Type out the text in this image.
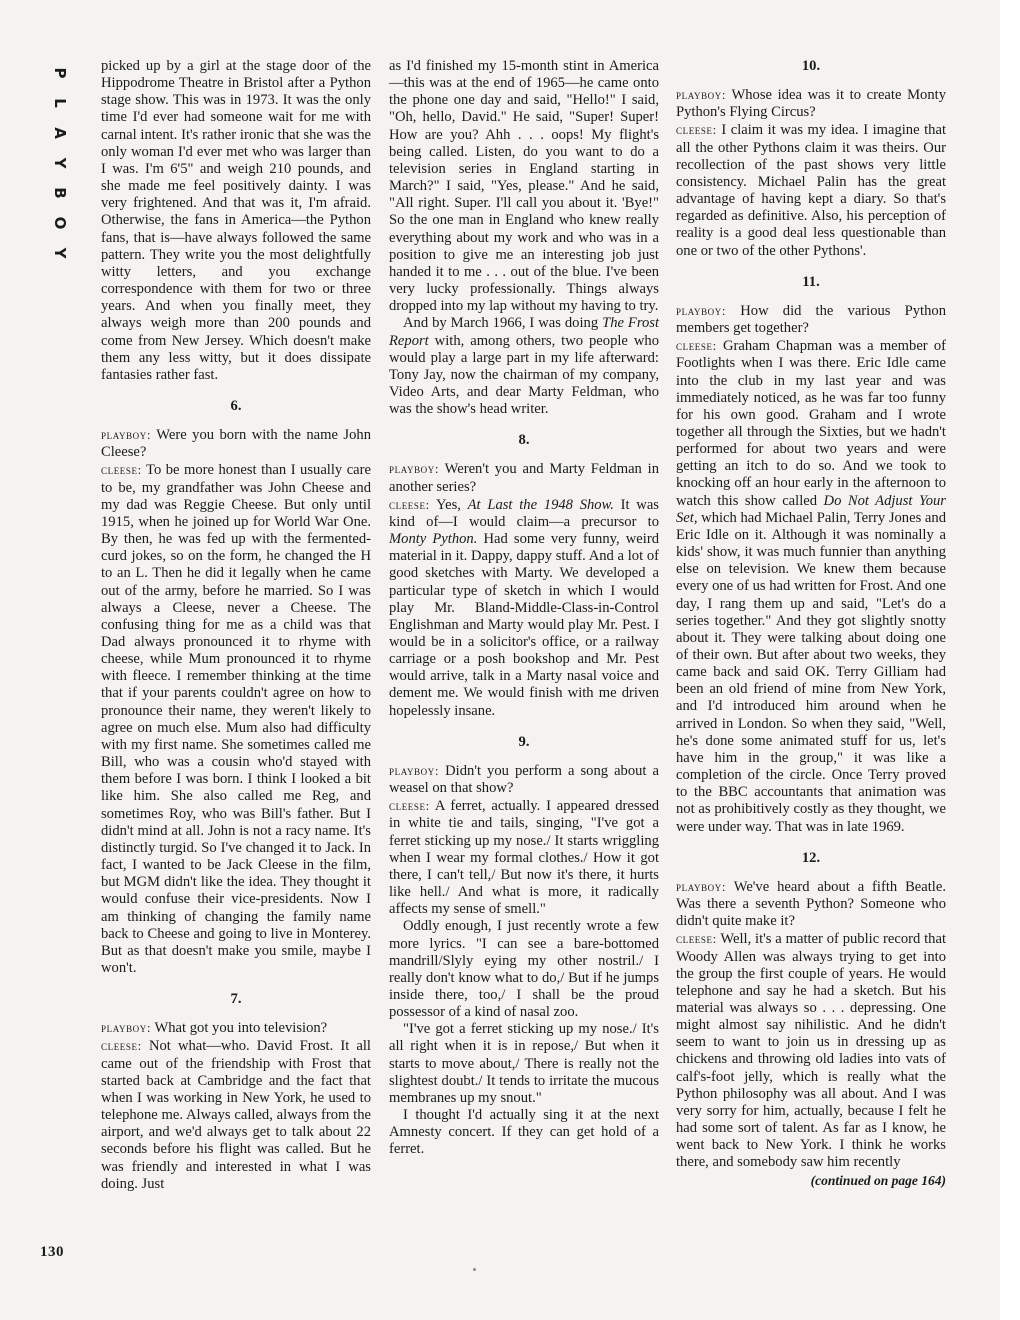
P
L
A
Y
B
O
Y

picked up by a girl at the stage door of the Hippodrome Theatre in Bristol after a Python stage show. This was in 1973. It was the only time I'd ever had someone wait for me with carnal intent. It's rather ironic that she was the only woman I'd ever met who was larger than I was. I'm 6'5" and weigh 210 pounds, and she made me feel positively dainty. I was very frightened. And that was it, I'm afraid. Otherwise, the fans in America—the Python fans, that is—have always followed the same pattern. They write you the most delightfully witty letters, and you exchange correspondence with them for two or three years. And when you finally meet, they always weigh more than 200 pounds and come from New Jersey. Which doesn't make them any less witty, but it does dissipate fantasies rather fast.

6.

playboy: Were you born with the name John Cleese?

cleese: To be more honest than I usually care to be, my grandfather was John Cheese and my dad was Reggie Cheese. But only until 1915, when he joined up for World War One. By then, he was fed up with the fermented-curd jokes, so on the form, he changed the H to an L. Then he did it legally when he came out of the army, before he married. So I was always a Cleese, never a Cheese. The confusing thing for me as a child was that Dad always pronounced it to rhyme with cheese, while Mum pronounced it to rhyme with fleece. I remember thinking at the time that if your parents couldn't agree on how to pronounce their name, they weren't likely to agree on much else. Mum also had difficulty with my first name. She sometimes called me Bill, who was a cousin who'd stayed with them before I was born. I think I looked a bit like him. She also called me Reg, and sometimes Roy, who was Bill's father. But I didn't mind at all. John is not a racy name. It's distinctly turgid. So I've changed it to Jack. In fact, I wanted to be Jack Cleese in the film, but MGM didn't like the idea. They thought it would confuse their vice-presidents. Now I am thinking of changing the family name back to Cheese and going to live in Monterey. But as that doesn't make you smile, maybe I won't.

7.

playboy: What got you into television?

cleese: Not what—who. David Frost. It all came out of the friendship with Frost that started back at Cambridge and the fact that when I was working in New York, he used to telephone me. Always called, always from the airport, and we'd always get to talk about 22 seconds before his flight was called. But he was friendly and interested in what I was doing. Just

as I'd finished my 15-month stint in America—this was at the end of 1965—he came onto the phone one day and said, "Hello!" I said, "Oh, hello, David." He said, "Super! Super! How are you? Ahh . . . oops! My flight's being called. Listen, do you want to do a television series in England starting in March?" I said, "Yes, please." And he said, "All right. Super. I'll call you about it. 'Bye!" So the one man in England who knew really everything about my work and who was in a position to give me an interesting job just handed it to me . . . out of the blue. I've been very lucky professionally. Things always dropped into my lap without my having to try.

And by March 1966, I was doing The Frost Report with, among others, two people who would play a large part in my life afterward: Tony Jay, now the chairman of my company, Video Arts, and dear Marty Feldman, who was the show's head writer.

8.

playboy: Weren't you and Marty Feldman in another series?

cleese: Yes, At Last the 1948 Show. It was kind of—I would claim—a precursor to Monty Python. Had some very funny, weird material in it. Dappy, dappy stuff. And a lot of good sketches with Marty. We developed a particular type of sketch in which I would play Mr. Bland-Middle-Class-in-Control Englishman and Marty would play Mr. Pest. I would be in a solicitor's office, or a railway carriage or a posh bookshop and Mr. Pest would arrive, talk in a Marty nasal voice and dement me. We would finish with me driven hopelessly insane.

9.

playboy: Didn't you perform a song about a weasel on that show?

cleese: A ferret, actually. I appeared dressed in white tie and tails, singing, "I've got a ferret sticking up my nose./ It starts wriggling when I wear my formal clothes./ How it got there, I can't tell,/ But now it's there, it hurts like hell./ And what is more, it radically affects my sense of smell."

Oddly enough, I just recently wrote a few more lyrics. "I can see a bare-bottomed mandrill/Slyly eying my other nostril./ I really don't know what to do,/ But if he jumps inside there, too,/ I shall be the proud possessor of a kind of nasal zoo.

"I've got a ferret sticking up my nose./ It's all right when it is in repose,/ But when it starts to move about,/ There is really not the slightest doubt./ It tends to irritate the mucous membranes up my snout."

I thought I'd actually sing it at the next Amnesty concert. If they can get hold of a ferret.

10.

playboy: Whose idea was it to create Monty Python's Flying Circus?

cleese: I claim it was my idea. I imagine that all the other Pythons claim it was theirs. Our recollection of the past shows very little consistency. Michael Palin has the great advantage of having kept a diary. So that's regarded as definitive. Also, his perception of reality is a good deal less questionable than one or two of the other Pythons'.

11.

playboy: How did the various Python members get together?

cleese: Graham Chapman was a member of Footlights when I was there. Eric Idle came into the club in my last year and was immediately noticed, as he was far too funny for his own good. Graham and I wrote together all through the Sixties, but we hadn't performed for about two years and were getting an itch to do so. And we took to knocking off an hour early in the afternoon to watch this show called Do Not Adjust Your Set, which had Michael Palin, Terry Jones and Eric Idle on it. Although it was nominally a kids' show, it was much funnier than anything else on television. We knew them because every one of us had written for Frost. And one day, I rang them up and said, "Let's do a series together." And they got slightly snotty about it. They were talking about doing one of their own. But after about two weeks, they came back and said OK. Terry Gilliam had been an old friend of mine from New York, and I'd introduced him around when he arrived in London. So when they said, "Well, he's done some animated stuff for us, let's have him in the group," it was like a completion of the circle. Once Terry proved to the BBC accountants that animation was not as prohibitively costly as they thought, we were under way. That was in late 1969.

12.

playboy: We've heard about a fifth Beatle. Was there a seventh Python? Someone who didn't quite make it?

cleese: Well, it's a matter of public record that Woody Allen was always trying to get into the group the first couple of years. He would telephone and say he had a sketch. But his material was always so . . . depressing. One might almost say nihilistic. And he didn't seem to want to join us in dressing up as chickens and throwing old ladies into vats of calf's-foot jelly, which is really what the Python philosophy was all about. And I was very sorry for him, actually, because I felt he had some sort of talent. As far as I know, he went back to New York. I think he works there, and somebody saw him recently

(continued on page 164)

130
